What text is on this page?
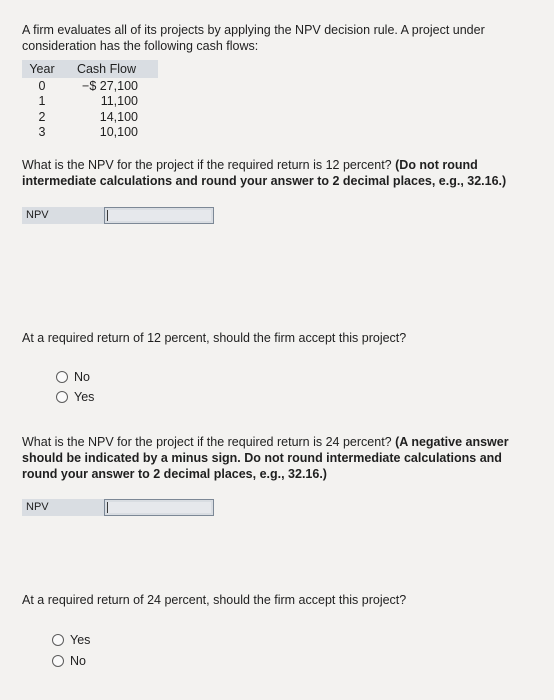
A firm evaluates all of its projects by applying the NPV decision rule. A project under consideration has the following cash flows:
Year	Cash Flow
0	−$ 27,100
1	11,100
2	14,100
3	10,100
What is the NPV for the project if the required return is 12 percent? (Do not round intermediate calculations and round your answer to 2 decimal places, e.g., 32.16.)
NPV
At a required return of 12 percent, should the firm accept this project?
No
Yes
What is the NPV for the project if the required return is 24 percent? (A negative answer should be indicated by a minus sign. Do not round intermediate calculations and round your answer to 2 decimal places, e.g., 32.16.)
NPV
At a required return of 24 percent, should the firm accept this project?
Yes
No
